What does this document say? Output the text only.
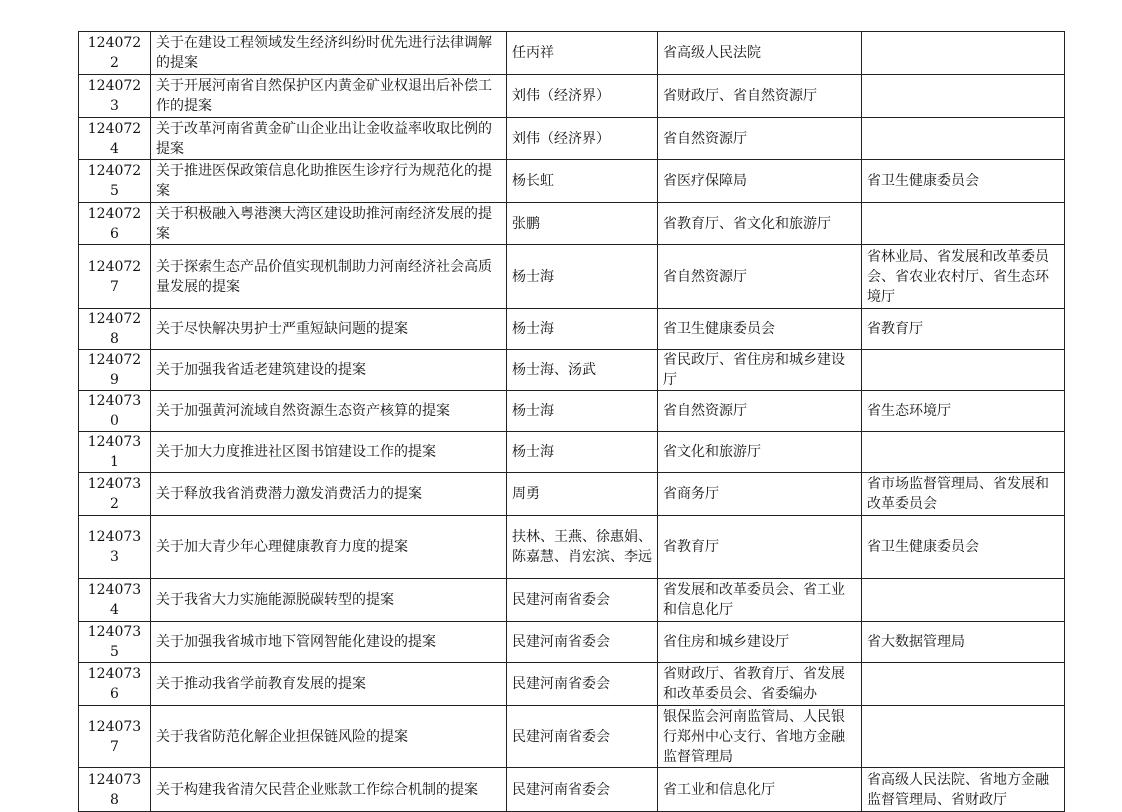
1240722	关于在建设工程领域发生经济纠纷时优先进行法律调解的提案	任丙祥	省高级人民法院	
1240723	关于开展河南省自然保护区内黄金矿业权退出后补偿工作的提案	刘伟（经济界）	省财政厅、省自然资源厅	
1240724	关于改革河南省黄金矿山企业出让金收益率收取比例的提案	刘伟（经济界）	省自然资源厅	
1240725	关于推进医保政策信息化助推医生诊疗行为规范化的提案	杨长虹	省医疗保障局	省卫生健康委员会
1240726	关于积极融入粤港澳大湾区建设助推河南经济发展的提案	张鹏	省教育厅、省文化和旅游厅	
1240727	关于探索生态产品价值实现机制助力河南经济社会高质量发展的提案	杨士海	省自然资源厅	省林业局、省发展和改革委员会、省农业农村厅、省生态环境厅
1240728	关于尽快解决男护士严重短缺问题的提案	杨士海	省卫生健康委员会	省教育厅
1240729	关于加强我省适老建筑建设的提案	杨士海、汤武	省民政厅、省住房和城乡建设厅	
1240730	关于加强黄河流域自然资源生态资产核算的提案	杨士海	省自然资源厅	省生态环境厅
1240731	关于加大力度推进社区图书馆建设工作的提案	杨士海	省文化和旅游厅	
1240732	关于释放我省消费潜力激发消费活力的提案	周勇	省商务厅	省市场监督管理局、省发展和改革委员会
1240733	关于加大青少年心理健康教育力度的提案	扶林、王燕、徐惠娟、陈嘉慧、肖宏滨、李远	省教育厅	省卫生健康委员会
1240734	关于我省大力实施能源脱碳转型的提案	民建河南省委会	省发展和改革委员会、省工业和信息化厅	
1240735	关于加强我省城市地下管网智能化建设的提案	民建河南省委会	省住房和城乡建设厅	省大数据管理局
1240736	关于推动我省学前教育发展的提案	民建河南省委会	省财政厅、省教育厅、省发展和改革委员会、省委编办	
1240737	关于我省防范化解企业担保链风险的提案	民建河南省委会	银保监会河南监管局、人民银行郑州中心支行、省地方金融监督管理局	
1240738	关于构建我省清欠民营企业账款工作综合机制的提案	民建河南省委会	省工业和信息化厅	省高级人民法院、省地方金融监督管理局、省财政厅
